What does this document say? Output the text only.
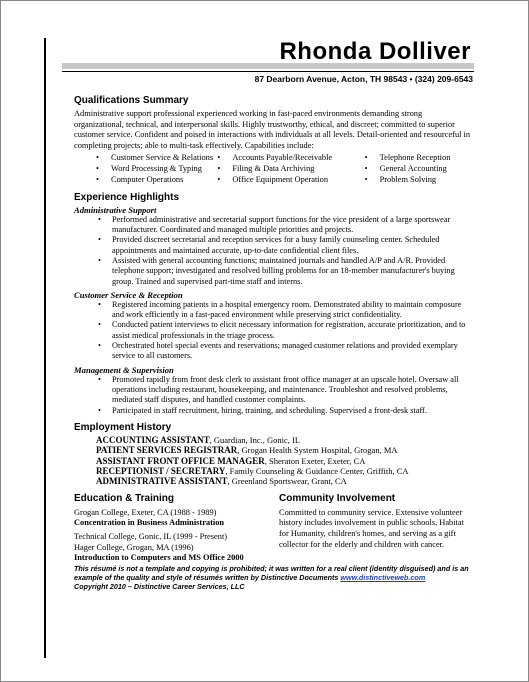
Rhonda Dolliver
87 Dearborn Avenue, Acton, TH 98543 • (324) 209-6543
Qualifications Summary

Administrative support professional experienced working in fast-paced environments demanding strong organizational, technical, and interpersonal skills. Highly trustworthy, ethical, and discreet; committed to superior customer service. Confident and poised in interactions with individuals at all levels. Detail-oriented and resourceful in completing projects; able to multi-task effectively. Capabilities include:

• Customer Service & Relations
• Word Processing & Typing
• Computer Operations
• Accounts Payable/Receivable
• Filing & Data Archiving
• Office Equipment Operation
• Telephone Reception
• General Accounting
• Problem Solving
Experience Highlights

Administrative Support

• Performed administrative and secretarial support functions for the vice president of a large sportswear manufacturer. Coordinated and managed multiple priorities and projects.
• Provided discreet secretarial and reception services for a busy family counseling center. Scheduled appointments and maintained accurate, up-to-date confidential client files.
• Assisted with general accounting functions; maintained journals and handled A/P and A/R. Provided telephone support; investigated and resolved billing problems for an 18-member manufacturer's buying group. Trained and supervised part-time staff and interns.

Customer Service & Reception

• Registered incoming patients in a hospital emergency room. Demonstrated ability to maintain composure and work efficiently in a fast-paced environment while preserving strict confidentiality.
• Conducted patient interviews to elicit necessary information for registration, accurate prioritization, and to assist medical professionals in the triage process.
• Orchestrated hotel special events and reservations; managed customer relations and provided exemplary service to all customers.

Management & Supervision

• Promoted rapidly from front desk clerk to assistant front office manager at an upscale hotel. Oversaw all operations including restaurant, housekeeping, and maintenance. Troubleshot and resolved problems, mediated staff disputes, and handled customer complaints.
• Participated in staff recruitment, hiring, training, and scheduling. Supervised a front-desk staff.
Employment History
ACCOUNTING ASSISTANT, Guardian, Inc., Gonic, IL
PATIENT SERVICES REGISTRAR, Grogan Health System Hospital, Grogan, MA
ASSISTANT FRONT OFFICE MANAGER, Sheraton Exeter, Exeter, CA
RECEPTIONIST / SECRETARY, Family Counseling & Guidance Center, Griffith, CA
ADMINISTRATIVE ASSISTANT, Greenland Sportswear, Grant, CA
Education & Training

Grogan College, Exeter, CA (1988 - 1989)

Concentration in Business Administration

Technical College, Gonic, IL (1999 - Present)

Hager College, Grogan, MA (1996)

Introduction to Computers and MS Office 2000

Community Involvement

Committed to community service. Extensive volunteer history includes involvement in public schools, Habitat for Humanity, children's homes, and serving as a gift collector for the elderly and children with cancer.

This résumé is not a template and copying is prohibited; it was written for a real client (identity disguised) and is an example of the quality and style of résumés written by Distinctive Documents www.distinctiveweb.com
Copyright 2010 – Distinctive Career Services, LLC
